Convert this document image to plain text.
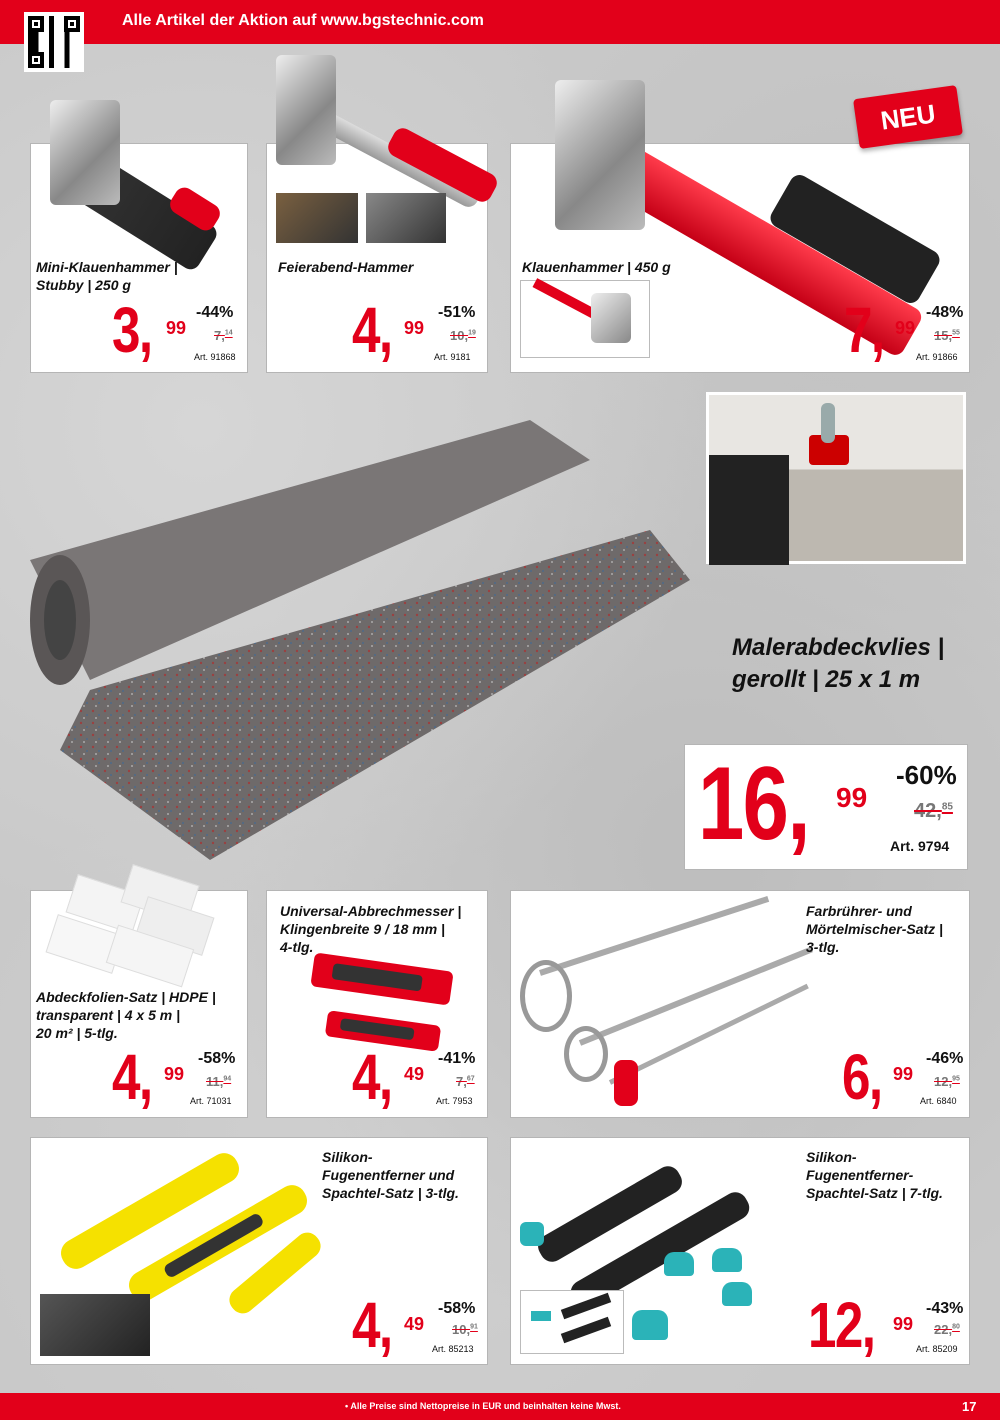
Alle Artikel der Aktion auf www.bgstechnic.com
Mini-Klauenhammer |
Stubby | 250 g
3, 99
-44%
7,14
Art. 91868
Feierabend-Hammer
4, 99
-51%
10,19
Art. 9181
NEU
Klauenhammer | 450 g
7, 99
-48%
15,55
Art. 91866
Malerabdeckvlies |
gerollt | 25 x 1 m
16, 99
-60%
42,85
Art. 9794
Abdeckfolien-Satz | HDPE |
transparent | 4 x 5 m |
20 m² | 5-tlg.
4, 99
-58%
11,94
Art. 71031
Universal-Abbrechmesser |
Klingenbreite 9 / 18 mm |
4-tlg.
4, 49
-41%
7,67
Art. 7953
Farbrührer- und
Mörtelmischer-Satz |
3-tlg.
6, 99
-46%
12,95
Art. 6840
Silikon-
Fugenentferner und
Spachtel-Satz | 3-tlg.
4, 49
-58%
10,91
Art. 85213
Silikon-
Fugenentferner-
Spachtel-Satz | 7-tlg.
12, 99
-43%
22,80
Art. 85209
• Alle Preise sind Nettopreise in EUR und beinhalten keine Mwst.	17
